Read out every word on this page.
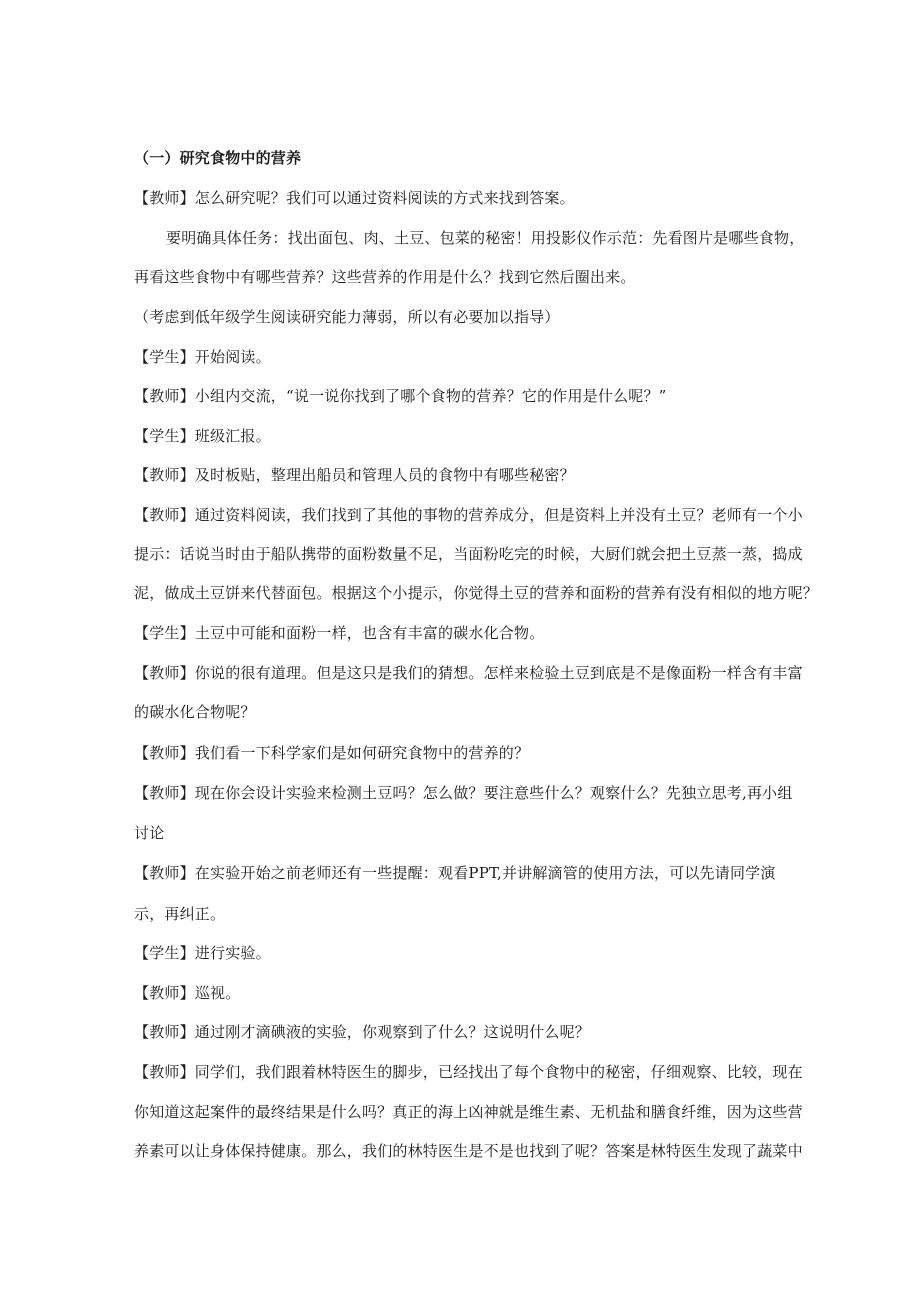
（一）研究食物中的营养
【教师】怎么研究呢？我们可以通过资料阅读的方式来找到答案。
要明确具体任务：找出面包、肉、土豆、包菜的秘密！用投影仪作示范：先看图片是哪些食物，
再看这些食物中有哪些营养？这些营养的作用是什么？找到它然后圈出来。
（考虑到低年级学生阅读研究能力薄弱，所以有必要加以指导）
【学生】开始阅读。
【教师】小组内交流，“说一说你找到了哪个食物的营养？它的作用是什么呢？”
【学生】班级汇报。
【教师】及时板贴，整理出船员和管理人员的食物中有哪些秘密？
【教师】通过资料阅读，我们找到了其他的事物的营养成分，但是资料上并没有土豆？老师有一个小
提示：话说当时由于船队携带的面粉数量不足，当面粉吃完的时候，大厨们就会把土豆蒸一蒸，捣成
泥，做成土豆饼来代替面包。根据这个小提示，你觉得土豆的营养和面粉的营养有没有相似的地方呢？
【学生】土豆中可能和面粉一样，也含有丰富的碳水化合物。
【教师】你说的很有道理。但是这只是我们的猜想。怎样来检验土豆到底是不是像面粉一样含有丰富
的碳水化合物呢？
【教师】我们看一下科学家们是如何研究食物中的营养的？
【教师】现在你会设计实验来检测土豆吗？怎么做？要注意些什么？观察什么？先独立思考,再小组
讨论
【教师】在实验开始之前老师还有一些提醒：观看PPT,并讲解滴管的使用方法，可以先请同学演
示，再纠正。
【学生】进行实验。
【教师】巡视。
【教师】通过刚才滴碘液的实验，你观察到了什么？这说明什么呢？
【教师】同学们，我们跟着林特医生的脚步，已经找出了每个食物中的秘密，仔细观察、比较，现在
你知道这起案件的最终结果是什么吗？真正的海上凶神就是维生素、无机盐和膳食纤维，因为这些营
养素可以让身体保持健康。那么，我们的林特医生是不是也找到了呢？答案是林特医生发现了蔬菜中
